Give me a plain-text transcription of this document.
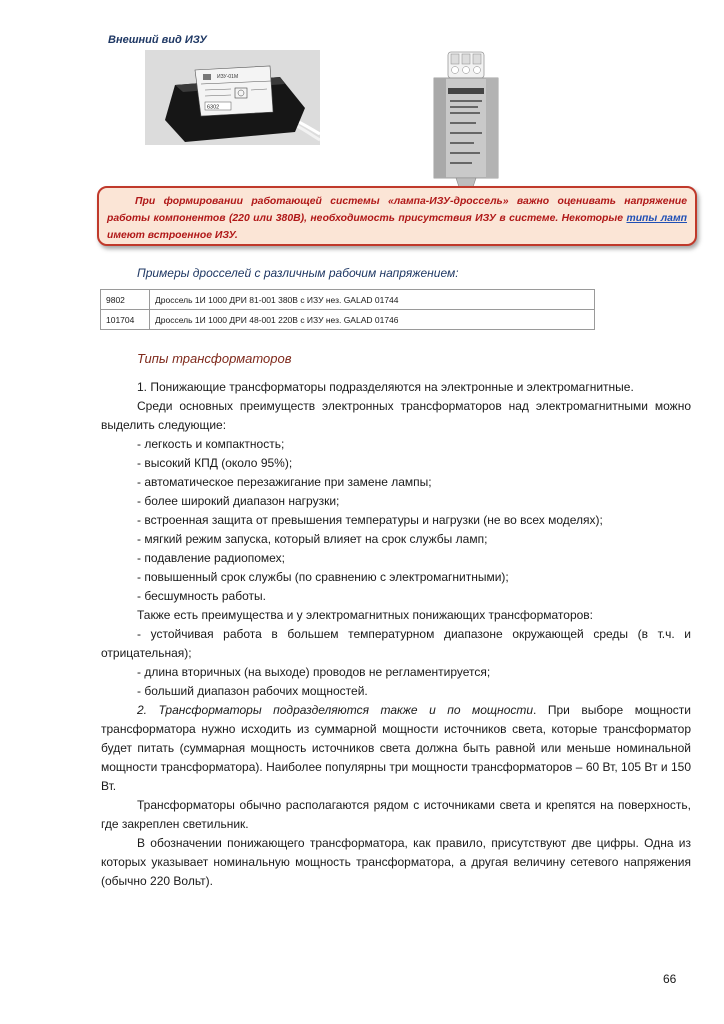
Внешний вид ИЗУ
ИЗУ-01М
6302
При формировании работающей системы «лампа-ИЗУ-дроссель» важно оценивать напряжение работы компонентов (220 или 380В), необходимость присутствия ИЗУ в системе. Некоторые типы ламп имеют встроенное ИЗУ.
Примеры дросселей с различным рабочим напряжением:
9802	Дроссель 1И 1000 ДРИ 81-001 380В с ИЗУ нез. GALAD 01744
101704	Дроссель 1И 1000 ДРИ 48-001 220В с ИЗУ нез. GALAD 01746
Типы трансформаторов

1. Понижающие трансформаторы подразделяются на электронные и электромагнитные.

Среди основных преимуществ электронных трансформаторов над электромагнитными можно выделить следующие:

- легкость и компактность;

- высокий КПД (около 95%);

- автоматическое перезажигание при замене лампы;

- более широкий диапазон нагрузки;

- встроенная защита от превышения температуры и нагрузки (не во всех моделях);

- мягкий режим запуска, который влияет на срок службы ламп;

- подавление радиопомех;

- повышенный срок службы (по сравнению с электромагнитными);

- бесшумность работы.

Также есть преимущества и у электромагнитных понижающих трансформаторов:

- устойчивая работа в большем температурном диапазоне окружающей среды (в т.ч. и отрицательная);

- длина вторичных (на выходе) проводов не регламентируется;

- больший диапазон рабочих мощностей.

2. Трансформаторы подразделяются также и по мощности. При выборе мощности трансформатора нужно исходить из суммарной мощности источников света, которые трансформатор будет питать (суммарная мощность источников света должна быть равной или меньше номинальной мощности трансформатора). Наиболее популярны три мощности трансформаторов – 60 Вт, 105 Вт и 150 Вт.

Трансформаторы обычно располагаются рядом с источниками света и крепятся на поверхность, где закреплен светильник.

В обозначении понижающего трансформатора, как правило, присутствуют две цифры. Одна из которых указывает номинальную мощность трансформатора, а другая величину сетевого напряжения (обычно 220 Вольт).

66
